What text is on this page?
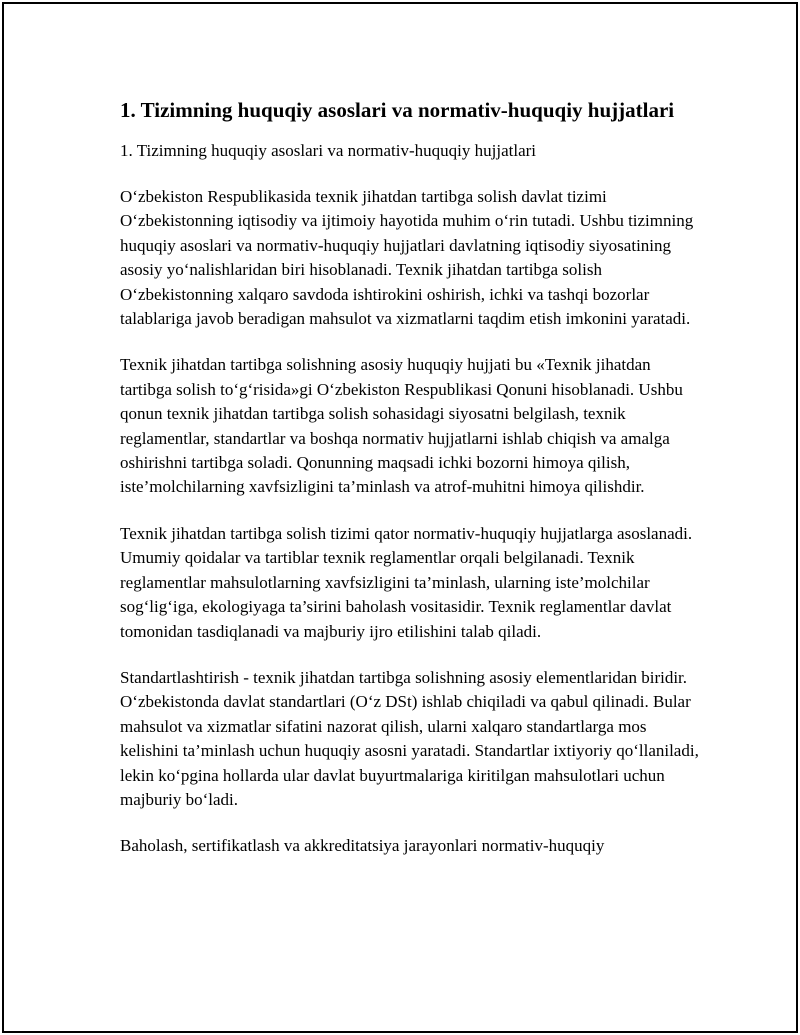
1. Tizimning huquqiy asoslari va normativ-huquqiy hujjatlari

1. Tizimning huquqiy asoslari va normativ-huquqiy hujjatlari

O‘zbekiston Respublikasida texnik jihatdan tartibga solish davlat tizimi O‘zbekistonning iqtisodiy va ijtimoiy hayotida muhim o‘rin tutadi. Ushbu tizimning huquqiy asoslari va normativ-huquqiy hujjatlari davlatning iqtisodiy siyosatining asosiy yo‘nalishlaridan biri hisoblanadi. Texnik jihatdan tartibga solish O‘zbekistonning xalqaro savdoda ishtirokini oshirish, ichki va tashqi bozorlar talablariga javob beradigan mahsulot va xizmatlarni taqdim etish imkonini yaratadi.

Texnik jihatdan tartibga solishning asosiy huquqiy hujjati bu «Texnik jihatdan tartibga solish to‘g‘risida»gi O‘zbekiston Respublikasi Qonuni hisoblanadi. Ushbu qonun texnik jihatdan tartibga solish sohasidagi siyosatni belgilash, texnik reglamentlar, standartlar va boshqa normativ hujjatlarni ishlab chiqish va amalga oshirishni tartibga soladi. Qonunning maqsadi ichki bozorni himoya qilish, iste’molchilarning xavfsizligini ta’minlash va atrof-muhitni himoya qilishdir.

Texnik jihatdan tartibga solish tizimi qator normativ-huquqiy hujjatlarga asoslanadi. Umumiy qoidalar va tartiblar texnik reglamentlar orqali belgilanadi. Texnik reglamentlar mahsulotlarning xavfsizligini ta’minlash, ularning iste’molchilar sog‘lig‘iga, ekologiyaga ta’sirini baholash vositasidir. Texnik reglamentlar davlat tomonidan tasdiqlanadi va majburiy ijro etilishini talab qiladi.

Standartlashtirish - texnik jihatdan tartibga solishning asosiy elementlaridan biridir. O‘zbekistonda davlat standartlari (O‘z DSt) ishlab chiqiladi va qabul qilinadi. Bular mahsulot va xizmatlar sifatini nazorat qilish, ularni xalqaro standartlarga mos kelishini ta’minlash uchun huquqiy asosni yaratadi. Standartlar ixtiyoriy qo‘llaniladi, lekin ko‘pgina hollarda ular davlat buyurtmalariga kiritilgan mahsulotlari uchun majburiy bo‘ladi.

Baholash, sertifikatlash va akkreditatsiya jarayonlari normativ-huquqiy
